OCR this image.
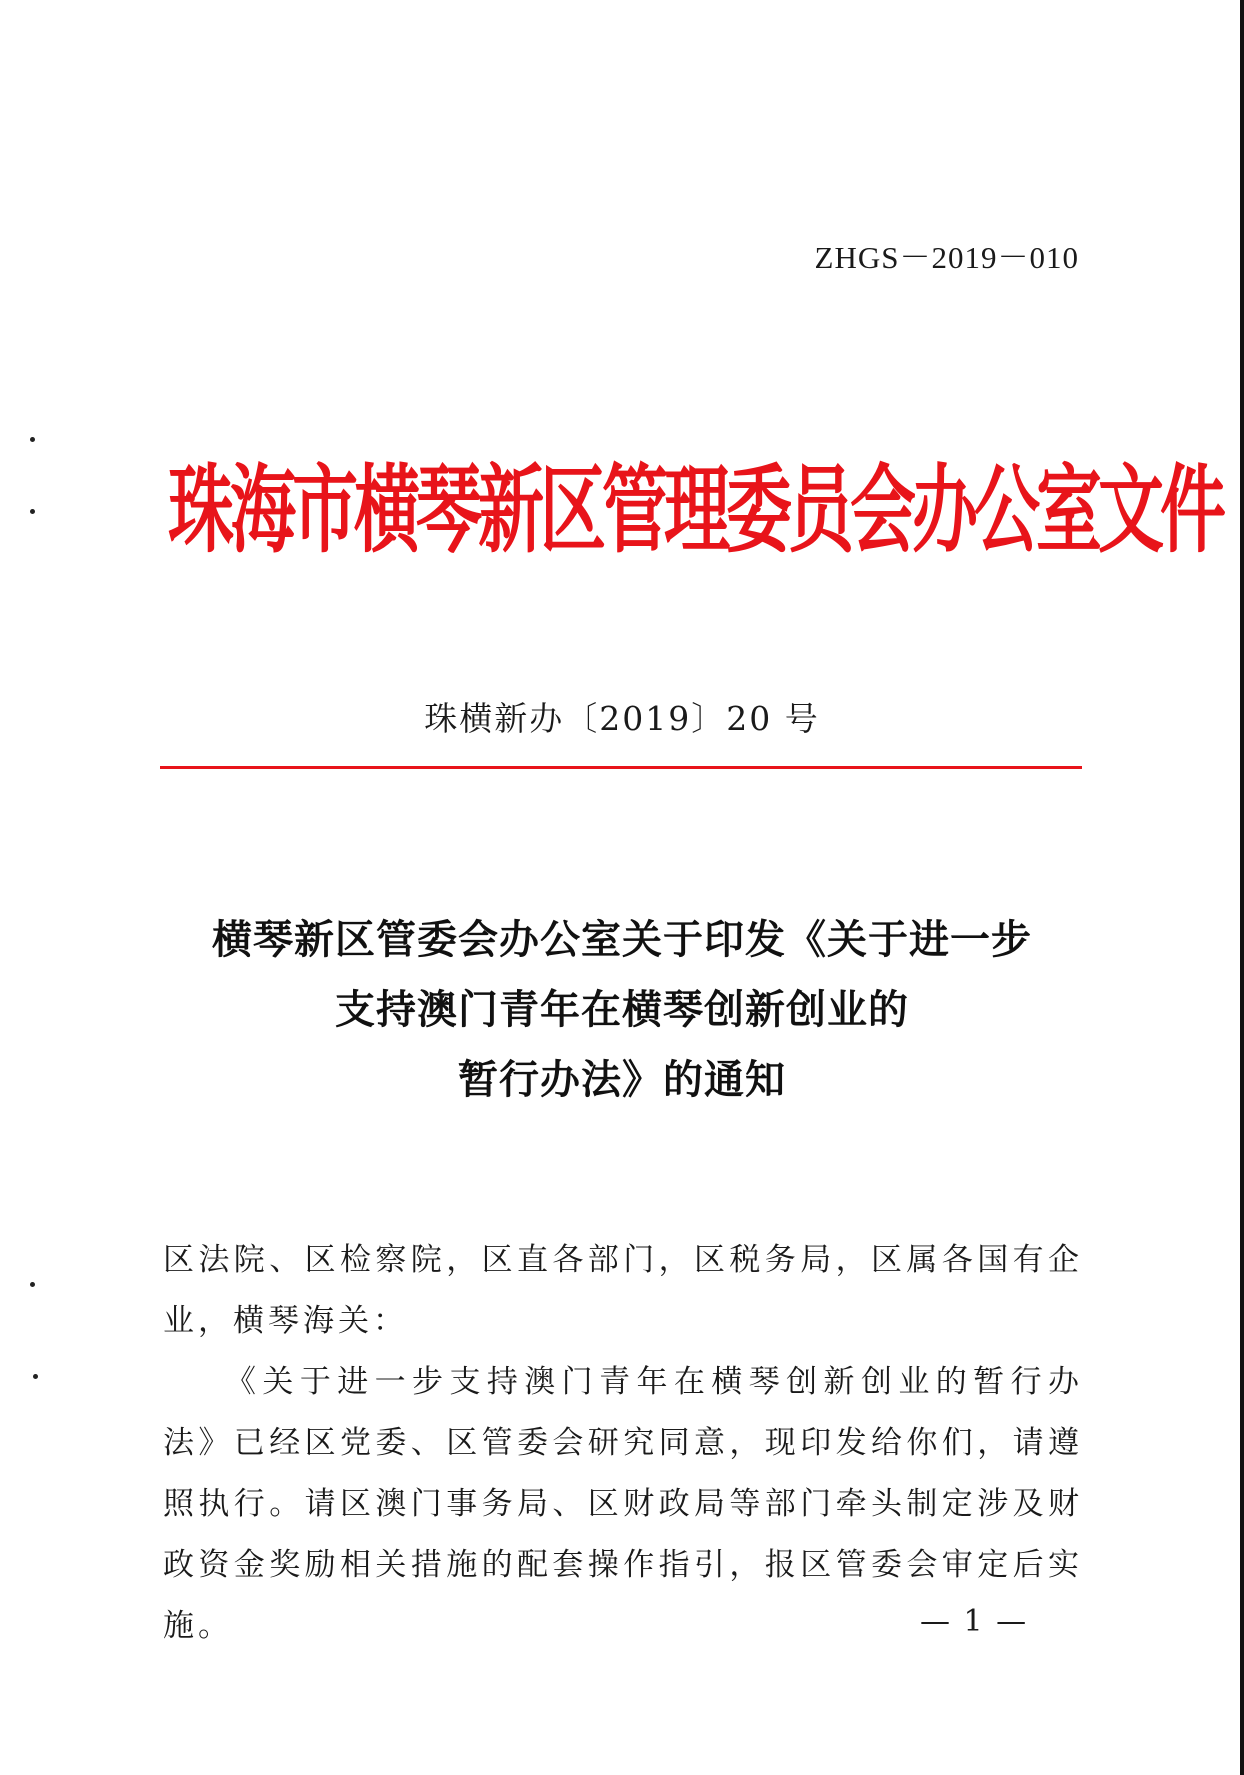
ZHGS－2019－010
珠海市横琴新区管理委员会办公室文件
珠横新办〔2019〕20 号
横琴新区管委会办公室关于印发《关于进一步
支持澳门青年在横琴创新创业的
暂行办法》的通知

区法院、区检察院，区直各部门，区税务局，区属各国有企业，横琴海关：

《关于进一步支持澳门青年在横琴创新创业的暂行办法》已经区党委、区管委会研究同意，现印发给你们，请遵照执行。请区澳门事务局、区财政局等部门牵头制定涉及财政资金奖励相关措施的配套操作指引，报区管委会审定后实施。	— 1 —
